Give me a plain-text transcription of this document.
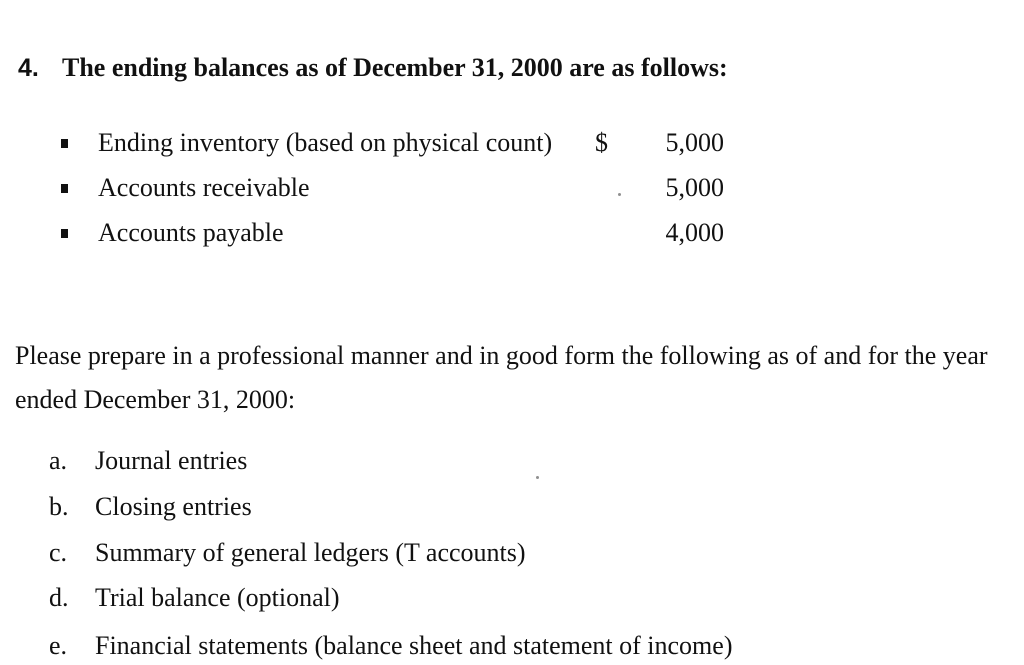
4. The ending balances as of December 31, 2000 are as follows:
Ending inventory (based on physical count) $ 5,000
Accounts receivable	5,000
Accounts payable	4,000

Please prepare in a professional manner and in good form the following as of and for the year ended December 31, 2000:

1. a. Journal entries
2. b. Closing entries
3. c. Summary of general ledgers (T accounts)
4. d. Trial balance (optional)
5. e. Financial statements (balance sheet and statement of income)
